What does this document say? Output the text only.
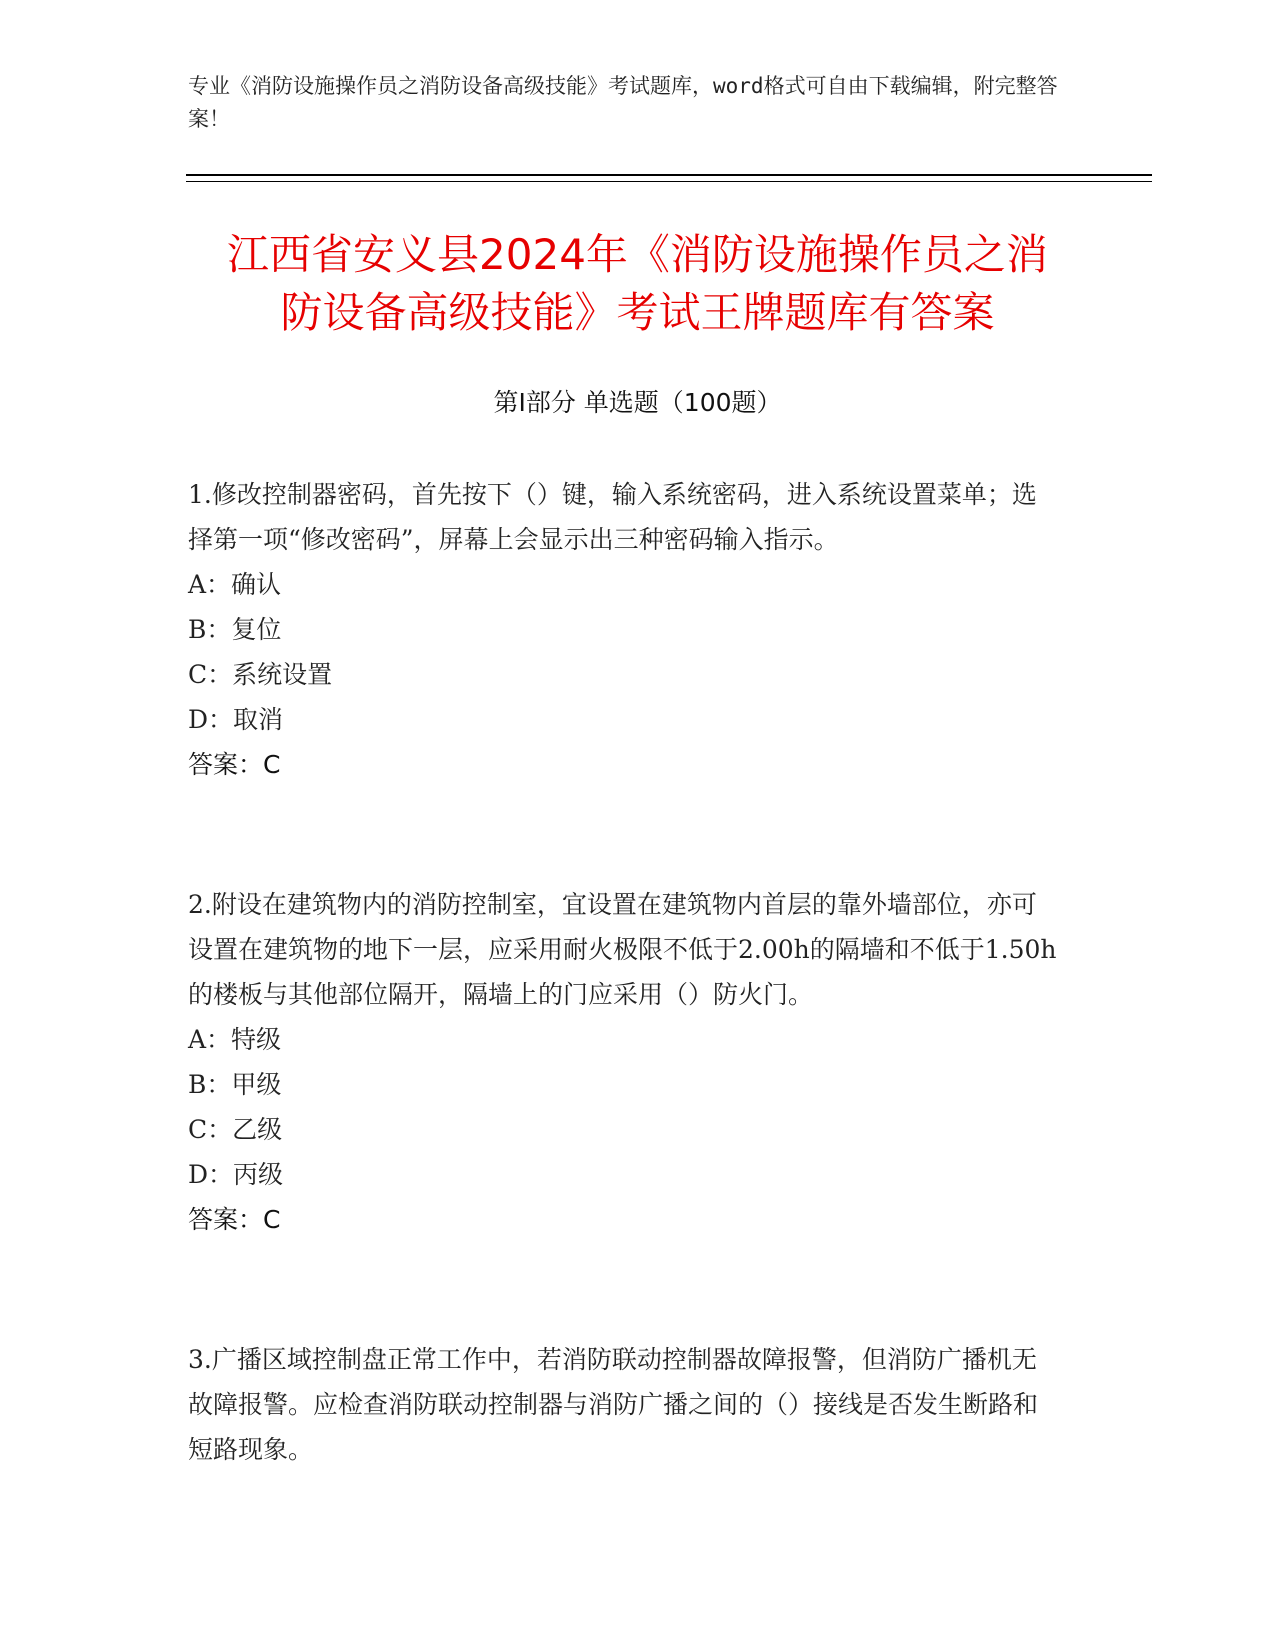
专业《消防设施操作员之消防设备高级技能》考试题库，word格式可自由下载编辑，附完整答案！
江西省安义县2024年《消防设施操作员之消
防设备高级技能》考试王牌题库有答案
第Ⅰ部分 单选题（100题）

1.修改控制器密码，首先按下（）键，输入系统密码，进入系统设置菜单；选择第一项“修改密码”，屏幕上会显示出三种密码输入指示。

A：确认

B：复位

C：系统设置

D：取消

答案：C

2.附设在建筑物内的消防控制室，宜设置在建筑物内首层的靠外墙部位，亦可设置在建筑物的地下一层，应采用耐火极限不低于2.00h的隔墙和不低于1.50h的楼板与其他部位隔开，隔墙上的门应采用（）防火门。

A：特级

B：甲级

C：乙级

D：丙级

答案：C

3.广播区域控制盘正常工作中，若消防联动控制器故障报警，但消防广播机无故障报警。应检查消防联动控制器与消防广播之间的（）接线是否发生断路和短路现象。
